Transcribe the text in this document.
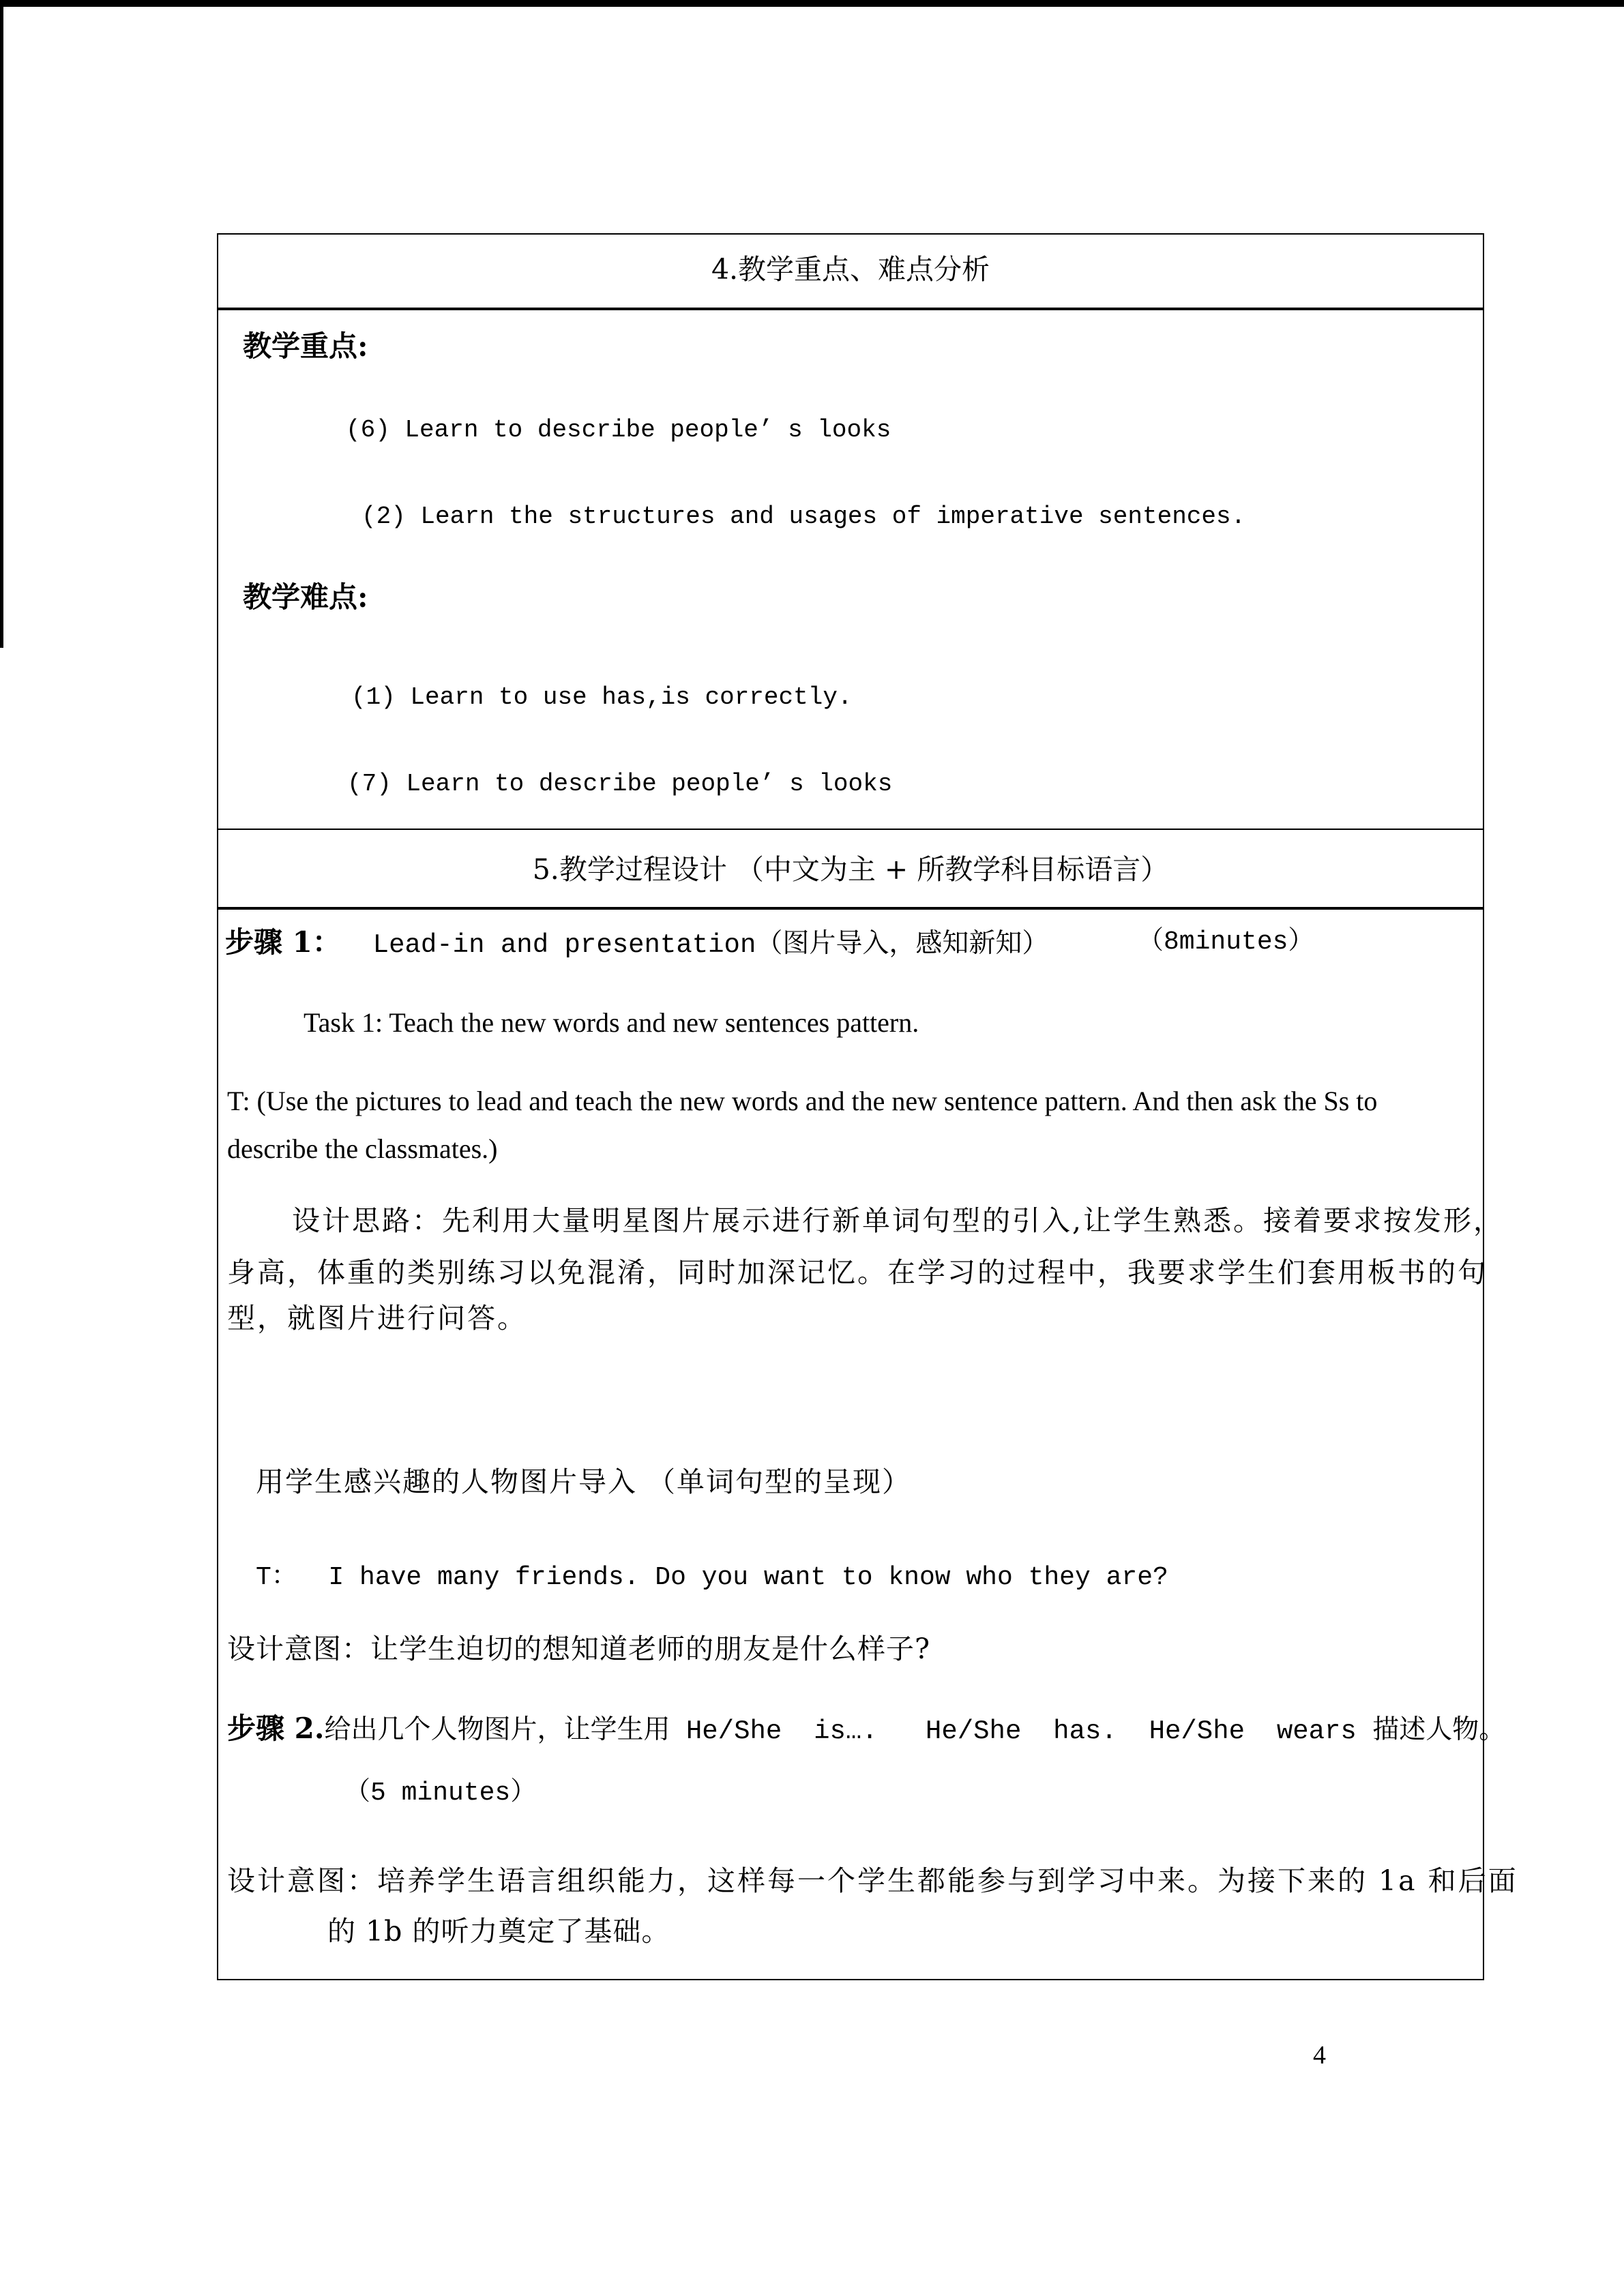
4.教学重点、难点分析
教学重点:
(6) Learn to describe people’ s looks
(2) Learn the structures and usages of imperative sentences.
教学难点:
(1) Learn to use has,is correctly.
(7) Learn to describe people’ s looks
5.教学过程设计 （中文为主 + 所教学科目标语言）
步骤 1：  Lead-in and presentation（图片导入，感知新知）	（8minutes）
Task 1: Teach the new words and new sentences pattern.
T: (Use the pictures to lead and teach the new words and the new sentence pattern. And then ask the Ss to
describe the classmates.)
设计思路：先利用大量明星图片展示进行新单词句型的引入,让学生熟悉。接着要求按发形，
身高，体重的类别练习以免混淆，同时加深记忆。在学习的过程中，我要求学生们套用板书的句
型，就图片进行问答。
用学生感兴趣的人物图片导入 （单词句型的呈现）
T：  I have many friends. Do you want to know who they are?
设计意图：让学生迫切的想知道老师的朋友是什么样子?
步骤 2.给出几个人物图片，让学生用 He/She  is….   He/She  has.  He/She  wears 描述人物。
（5 minutes）
设计意图：培养学生语言组织能力，这样每一个学生都能参与到学习中来。为接下来的 1a 和后面
的 1b 的听力奠定了基础。
4
